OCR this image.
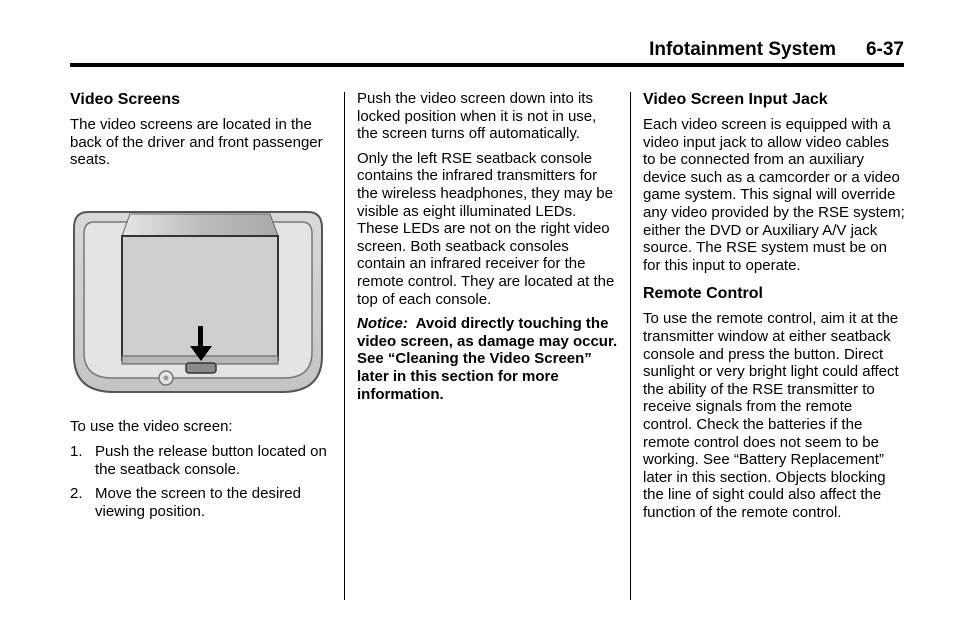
Infotainment System 6-37
Video Screens

The video screens are located in the back of the driver and front passenger seats.

To use the video screen:

1. Push the release button located on the seatback console.
2. Move the screen to the desired viewing position.

Push the video screen down into its locked position when it is not in use, the screen turns off automatically.

Only the left RSE seatback console contains the infrared transmitters for the wireless headphones, they may be visible as eight illuminated LEDs. These LEDs are not on the right video screen. Both seatback consoles contain an infrared receiver for the remote control. They are located at the top of each console.

Notice: Avoid directly touching the video screen, as damage may occur. See “Cleaning the Video Screen” later in this section for more information.

Video Screen Input Jack

Each video screen is equipped with a video input jack to allow video cables to be connected from an auxiliary device such as a camcorder or a video game system. This signal will override any video provided by the RSE system; either the DVD or Auxiliary A/V jack source. The RSE system must be on for this input to operate.

Remote Control

To use the remote control, aim it at the transmitter window at either seatback console and press the button. Direct sunlight or very bright light could affect the ability of the RSE transmitter to receive signals from the remote control. Check the batteries if the remote control does not seem to be working. See “Battery Replacement” later in this section. Objects blocking the line of sight could also affect the function of the remote control.
